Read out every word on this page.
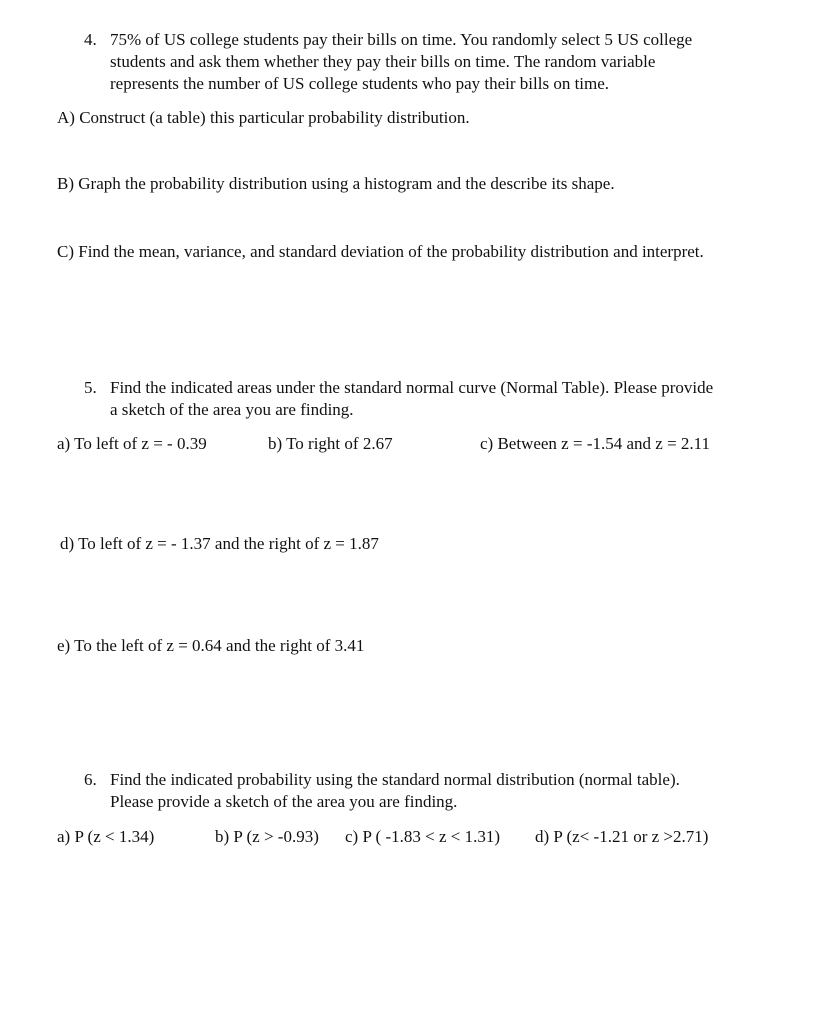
4. 75% of US college students pay their bills on time. You randomly select 5 US college
students and ask them whether they pay their bills on time. The random variable
represents the number of US college students who pay their bills on time.
A) Construct (a table) this particular probability distribution.
B) Graph the probability distribution using a histogram and the describe its shape.
C) Find the mean, variance, and standard deviation of the probability distribution and interpret.
5. Find the indicated areas under the standard normal curve (Normal Table). Please provide
a sketch of the area you are finding.
a) To left of z = - 0.39	b) To right of 2.67	c) Between z = -1.54 and z = 2.11
d) To left of z = - 1.37 and the right of z = 1.87
e) To the left of z = 0.64 and the right of 3.41
6. Find the indicated probability using the standard normal distribution (normal table).
Please provide a sketch of the area you are finding.
a) P (z < 1.34)	b) P (z > -0.93) c) P ( -1.83 < z < 1.31) d) P (z< -1.21 or z >2.71)
